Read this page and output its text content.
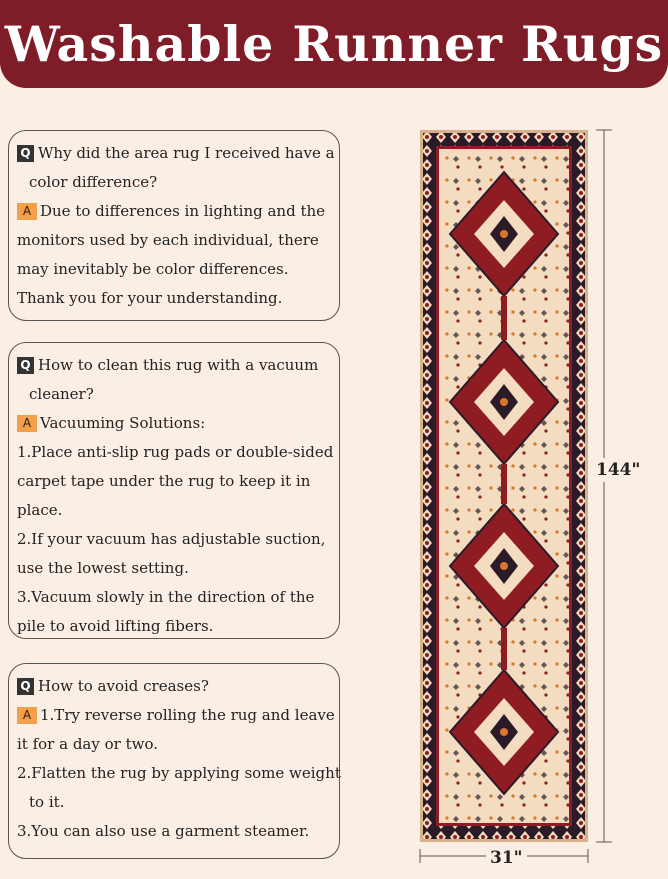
Washable Runner Rugs

Q Why did the area rug I received have a

color difference?

A Due to differences in lighting and the

monitors used by each individual, there

may inevitably be color differences.

Thank you for your understanding.

Q How to clean this rug with a vacuum

cleaner?

A Vacuuming Solutions:

1.Place anti-slip rug pads or double-sided

carpet tape under the rug to keep it in

place.

2.If your vacuum has adjustable suction,

use the lowest setting.

3.Vacuum slowly in the direction of the

pile to avoid lifting fibers.

Q How to avoid creases?

A 1.Try reverse rolling the rug and leave

it for a day or two.

2.Flatten the rug by applying some weight

to it.

3.You can also use a garment steamer.

144"
31"
